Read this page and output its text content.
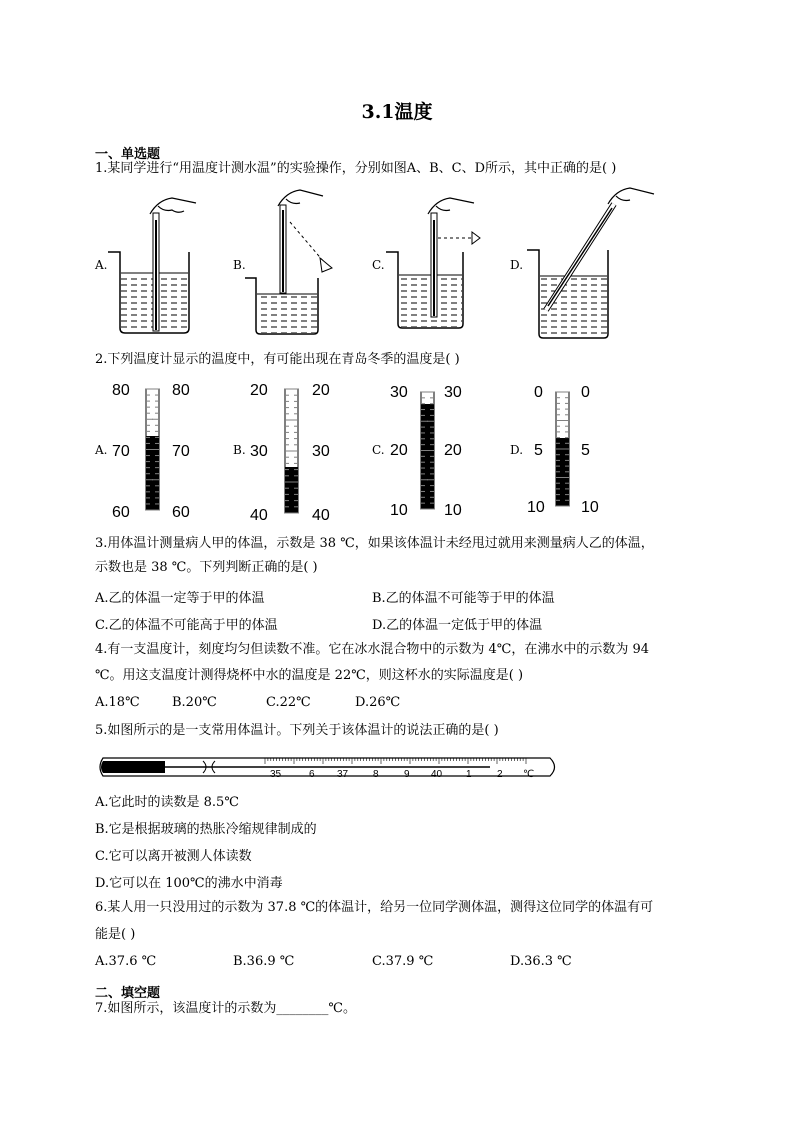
3.1温度
一、单选题
1.某同学进行“用温度计测水温”的实验操作，分别如图A、B、C、D所示，其中正确的是( )
A.	B.	C.	D.
2.下列温度计显示的温度中，有可能出现在青岛冬季的温度是( )
A.	B.	C.	D.
80	80
70	70
60	60
20	20
30	30
40	40
30 30
20 20
10 10
0 0
5 5
10 10
3.用体温计测量病人甲的体温，示数是 38 ℃，如果该体温计未经甩过就用来测量病人乙的体温，
示数也是 38 ℃。下列判断正确的是( )
A.乙的体温一定等于甲的体温	B.乙的体温不可能等于甲的体温
C.乙的体温不可能高于甲的体温	D.乙的体温一定低于甲的体温
4.有一支温度计，刻度均匀但读数不准。它在冰水混合物中的示数为 4℃，在沸水中的示数为 94
℃。用这支温度计测得烧杯中水的温度是 22℃，则这杯水的实际温度是( )
A.18℃ B.20℃	C.22℃	D.26℃
5.如图所示的是一支常用体温计。下列关于该体温计的说法正确的是( )
35	6 37 8	9 40 1	2 ℃
A.它此时的读数是 8.5℃
B.它是根据玻璃的热胀冷缩规律制成的
C.它可以离开被测人体读数
D.它可以在 100℃的沸水中消毒
6.某人用一只没用过的示数为 37.8 ℃的体温计，给另一位同学测体温，测得这位同学的体温有可
能是( )
A.37.6 ℃	B.36.9 ℃	C.37.9 ℃	D.36.3 ℃
二、填空题
7.如图所示，该温度计的示数为________℃。
